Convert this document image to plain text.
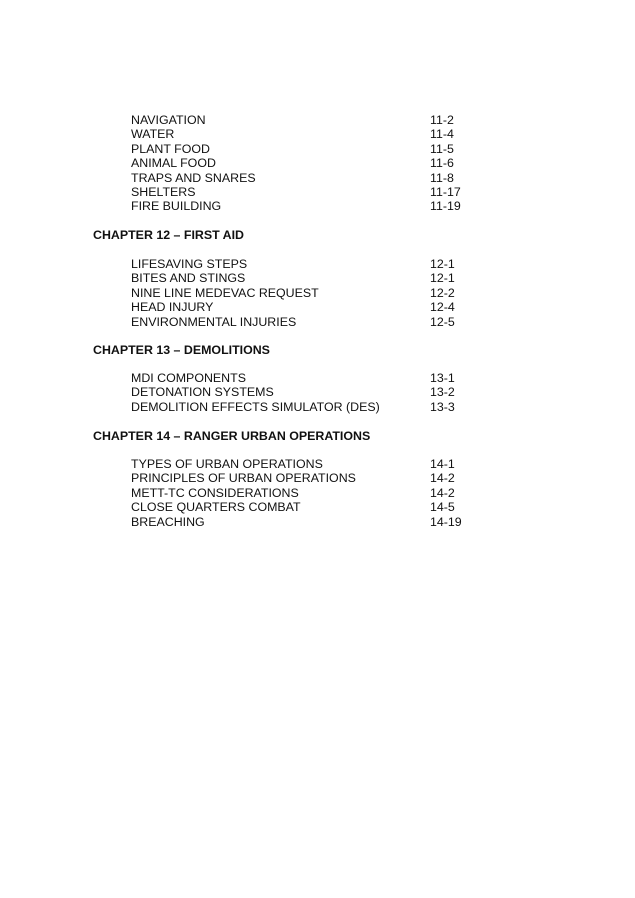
NAVIGATION	11-2
WATER	11-4
PLANT FOOD	11-5
ANIMAL FOOD	11-6
TRAPS AND SNARES	11-8
SHELTERS	11-17
FIRE BUILDING	11-19
CHAPTER 12 – FIRST AID
LIFESAVING STEPS	12-1
BITES AND STINGS	12-1
NINE LINE MEDEVAC REQUEST	12-2
HEAD INJURY	12-4
ENVIRONMENTAL INJURIES	12-5
CHAPTER 13 – DEMOLITIONS
MDI COMPONENTS	13-1
DETONATION SYSTEMS	13-2
DEMOLITION EFFECTS SIMULATOR (DES)	13-3
CHAPTER 14 – RANGER URBAN OPERATIONS
TYPES OF URBAN OPERATIONS	14-1
PRINCIPLES OF URBAN OPERATIONS	14-2
METT-TC CONSIDERATIONS	14-2
CLOSE QUARTERS COMBAT	14-5
BREACHING	14-19
